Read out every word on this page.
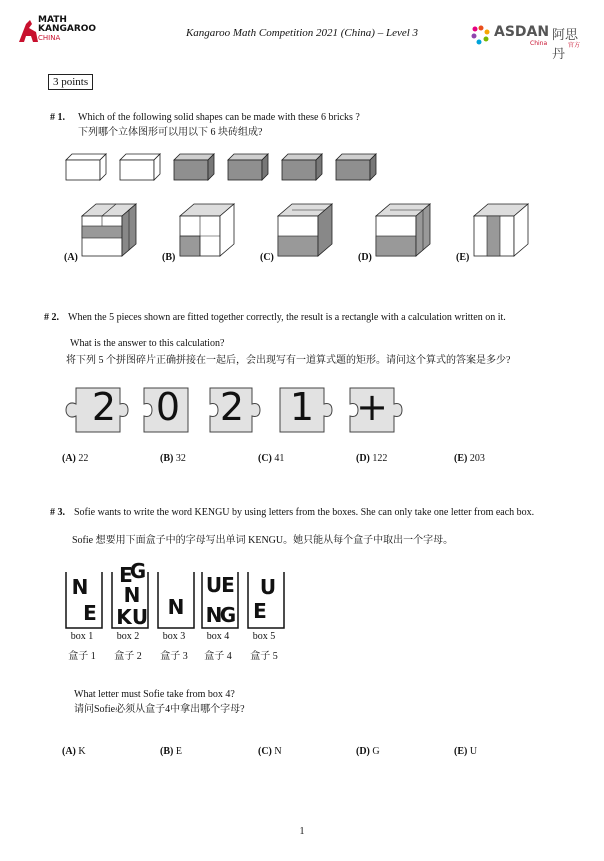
MATH
KANGAROO
CHINA	Kangaroo Math Competition 2021 (China) – Level 3	ASDAN 阿思丹
China	官方
3 points
# 1. Which of the following solid shapes can be made with these 6 bricks ?
下列哪个立体图形可以用以下 6 块砖组成?
(A)	(B)	(C)	(D)	(E)
# 2. When the 5 pieces shown are fitted together correctly, the result is a rectangle with a calculation written on it.
What is the answer to this calculation?
将下列 5 个拼图碎片正确拼接在一起后，会出现写有一道算式题的矩形。请问这个算式的答案是多少?
2 0 2 1 +
(A) 22	(B) 32	(C) 41	(D) 122	(E) 203
# 3. Sofie wants to write the word KENGU by using letters from the boxes. She can only take one letter from each box.
Sofie 想要用下面盒子中的字母写出单词 KENGU。她只能从每个盒子中取出一个字母。
N
E
E
G
N
K U N
U E
N
G
U
E
box 1	box 2	box 3	box 4	box 5
盒子 1	盒子 2	盒子 3	盒子 4	盒子 5
What letter must Sofie take from box 4?
请问Sofie必须从盒子4中拿出哪个字母?
(A) K	(B) E	(C) N	(D) G	(E) U
1
